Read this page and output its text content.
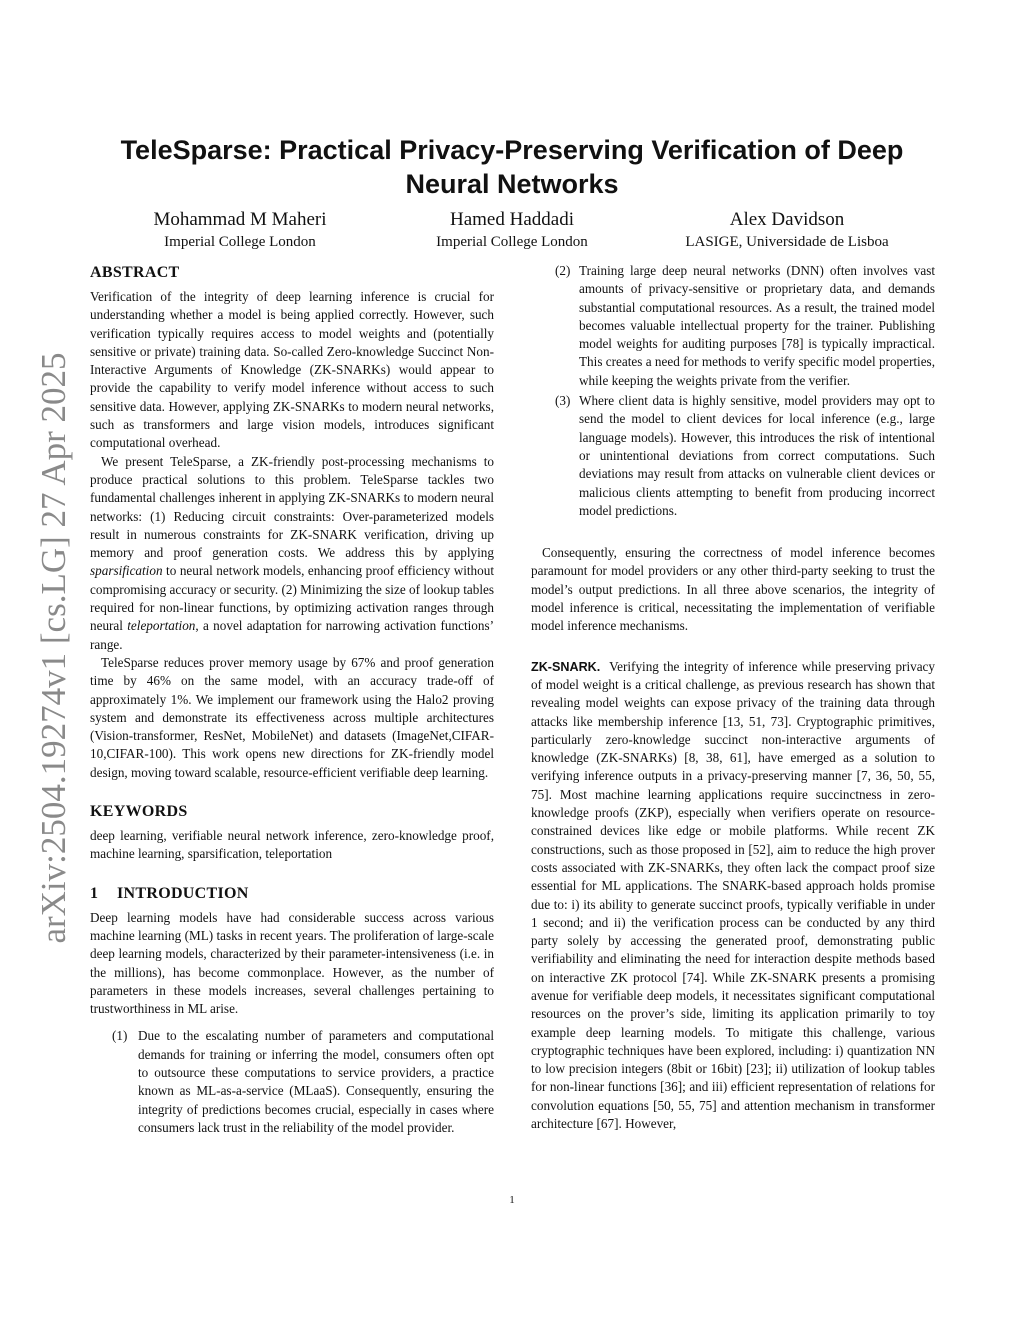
arXiv:2504.19274v1 [cs.LG] 27 Apr 2025
TeleSparse: Practical Privacy-Preserving Verification of Deep Neural Networks
Mohammad M Maheri
Imperial College London
Hamed Haddadi
Imperial College London
Alex Davidson
LASIGE, Universidade de Lisboa
ABSTRACT

Verification of the integrity of deep learning inference is crucial for understanding whether a model is being applied correctly. However, such verification typically requires access to model weights and (potentially sensitive or private) training data. So-called Zero-knowledge Succinct Non-Interactive Arguments of Knowledge (ZK-SNARKs) would appear to provide the capability to verify model inference without access to such sensitive data. However, applying ZK-SNARKs to modern neural networks, such as transformers and large vision models, introduces significant computational overhead.

We present TeleSparse, a ZK-friendly post-processing mechanisms to produce practical solutions to this problem. TeleSparse tackles two fundamental challenges inherent in applying ZK-SNARKs to modern neural networks: (1) Reducing circuit constraints: Over-parameterized models result in numerous constraints for ZK-SNARK verification, driving up memory and proof generation costs. We address this by applying sparsification to neural network models, enhancing proof efficiency without compromising accuracy or security. (2) Minimizing the size of lookup tables required for non-linear functions, by optimizing activation ranges through neural teleportation, a novel adaptation for narrowing activation functions’ range.

TeleSparse reduces prover memory usage by 67% and proof generation time by 46% on the same model, with an accuracy trade-off of approximately 1%. We implement our framework using the Halo2 proving system and demonstrate its effectiveness across multiple architectures (Vision-transformer, ResNet, MobileNet) and datasets (ImageNet,CIFAR-10,CIFAR-100). This work opens new directions for ZK-friendly model design, moving toward scalable, resource-efficient verifiable deep learning.

KEYWORDS

deep learning, verifiable neural network inference, zero-knowledge proof, machine learning, sparsification, teleportation

1 INTRODUCTION

Deep learning models have had considerable success across various machine learning (ML) tasks in recent years. The proliferation of large-scale deep learning models, characterized by their parameter-intensiveness (i.e. in the millions), has become commonplace. However, as the number of parameters in these models increases, several challenges pertaining to trustworthiness in ML arise.

(1) Due to the escalating number of parameters and computational demands for training or inferring the model, consumers often opt to outsource these computations to service providers, a practice known as ML-as-a-service (MLaaS). Consequently, ensuring the integrity of predictions becomes crucial, especially in cases where consumers lack trust in the reliability of the model provider.
(2) Training large deep neural networks (DNN) often involves vast amounts of privacy-sensitive or proprietary data, and demands substantial computational resources. As a result, the trained model becomes valuable intellectual property for the trainer. Publishing model weights for auditing purposes [78] is typically impractical. This creates a need for methods to verify specific model properties, while keeping the weights private from the verifier.
(3) Where client data is highly sensitive, model providers may opt to send the model to client devices for local inference (e.g., large language models). However, this introduces the risk of intentional or unintentional deviations from correct computations. Such deviations may result from attacks on vulnerable client devices or malicious clients attempting to benefit from producing incorrect model predictions.

Consequently, ensuring the correctness of model inference becomes paramount for model providers or any other third-party seeking to trust the model’s output predictions. In all three above scenarios, the integrity of model inference is critical, necessitating the implementation of verifiable model inference mechanisms.

ZK-SNARK. Verifying the integrity of inference while preserving privacy of model weight is a critical challenge, as previous research has shown that revealing model weights can expose privacy of the training data through attacks like membership inference [13, 51, 73]. Cryptographic primitives, particularly zero-knowledge succinct non-interactive arguments of knowledge (ZK-SNARKs) [8, 38, 61], have emerged as a solution to verifying inference outputs in a privacy-preserving manner [7, 36, 50, 55, 75]. Most machine learning applications require succinctness in zero-knowledge proofs (ZKP), especially when verifiers operate on resource-constrained devices like edge or mobile platforms. While recent ZK constructions, such as those proposed in [52], aim to reduce the high prover costs associated with ZK-SNARKs, they often lack the compact proof size essential for ML applications. The SNARK-based approach holds promise due to: i) its ability to generate succinct proofs, typically verifiable in under 1 second; and ii) the verification process can be conducted by any third party solely by accessing the generated proof, demonstrating public verifiability and eliminating the need for interaction despite methods based on interactive ZK protocol [74]. While ZK-SNARK presents a promising avenue for verifiable deep models, it necessitates significant computational resources on the prover’s side, limiting its application primarily to toy example deep learning models. To mitigate this challenge, various cryptographic techniques have been explored, including: i) quantization NN to low precision integers (8bit or 16bit) [23]; ii) utilization of lookup tables for non-linear functions [36]; and iii) efficient representation of relations for convolution equations [50, 55, 75] and attention mechanism in transformer architecture [67]. However,

1
